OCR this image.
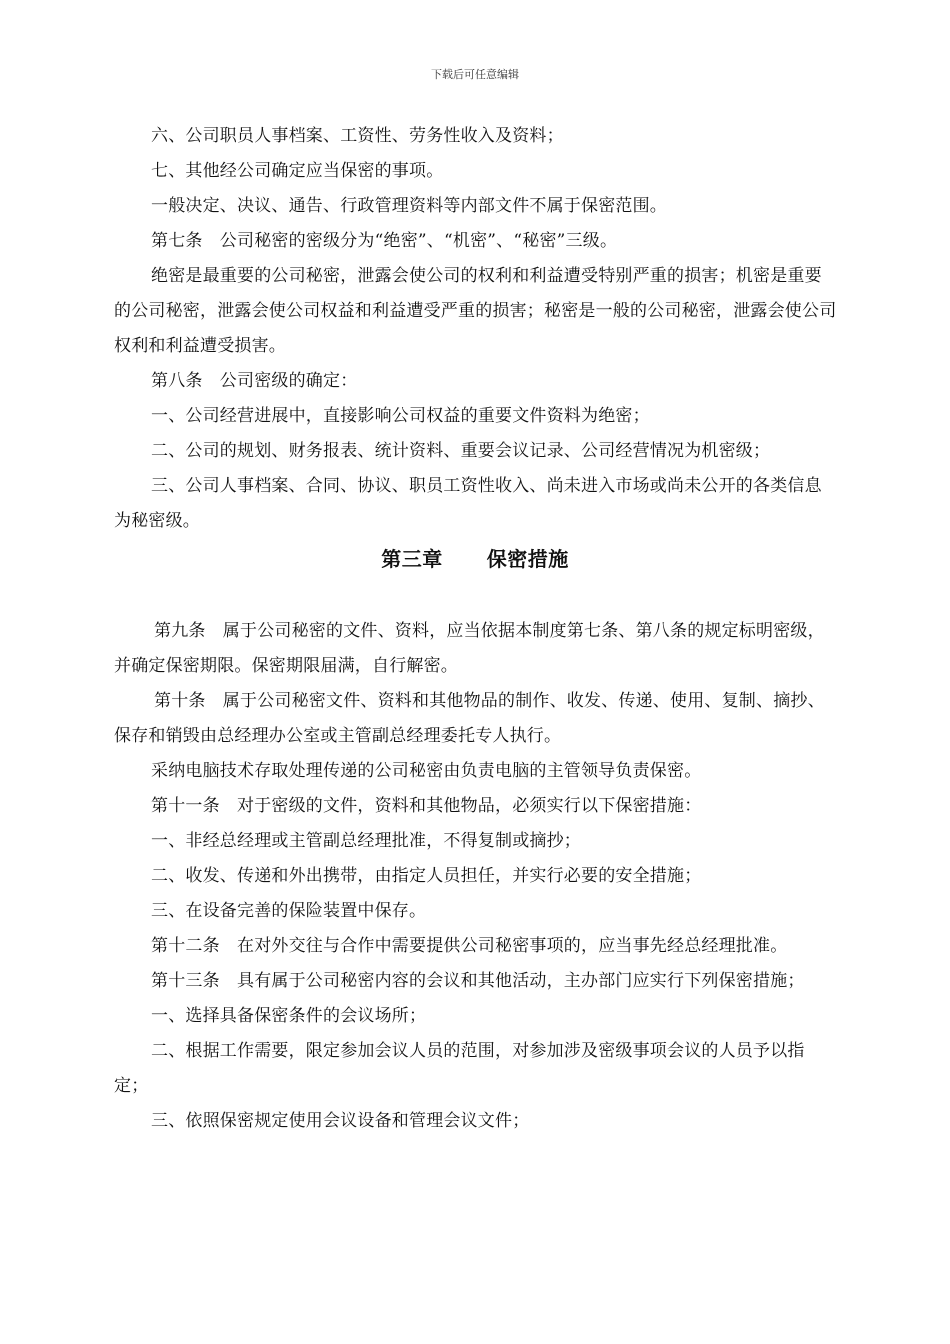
下载后可任意编辑

六、公司职员人事档案、工资性、劳务性收入及资料；

七、其他经公司确定应当保密的事项。

一般决定、决议、通告、行政管理资料等内部文件不属于保密范围。

第七条　公司秘密的密级分为“绝密”、“机密”、“秘密”三级。

绝密是最重要的公司秘密，泄露会使公司的权利和利益遭受特别严重的损害；机密是重要的公司秘密，泄露会使公司权益和利益遭受严重的损害；秘密是一般的公司秘密，泄露会使公司权利和利益遭受损害。

第八条　公司密级的确定：

一、公司经营进展中，直接影响公司权益的重要文件资料为绝密；

二、公司的规划、财务报表、统计资料、重要会议记录、公司经营情况为机密级；

三、公司人事档案、合同、协议、职员工资性收入、尚未进入市场或尚未公开的各类信息为秘密级。

第三章 保密措施

第九条　属于公司秘密的文件、资料，应当依据本制度第七条、第八条的规定标明密级，并确定保密期限。保密期限届满，自行解密。

第十条　属于公司秘密文件、资料和其他物品的制作、收发、传递、使用、复制、摘抄、保存和销毁由总经理办公室或主管副总经理委托专人执行。

采纳电脑技术存取处理传递的公司秘密由负责电脑的主管领导负责保密。

第十一条　对于密级的文件，资料和其他物品，必须实行以下保密措施：

一、非经总经理或主管副总经理批准，不得复制或摘抄；

二、收发、传递和外出携带，由指定人员担任，并实行必要的安全措施；

三、在设备完善的保险装置中保存。

第十二条　在对外交往与合作中需要提供公司秘密事项的，应当事先经总经理批准。

第十三条　具有属于公司秘密内容的会议和其他活动，主办部门应实行下列保密措施；

一、选择具备保密条件的会议场所；

二、根据工作需要，限定参加会议人员的范围，对参加涉及密级事项会议的人员予以指定；

三、依照保密规定使用会议设备和管理会议文件；
